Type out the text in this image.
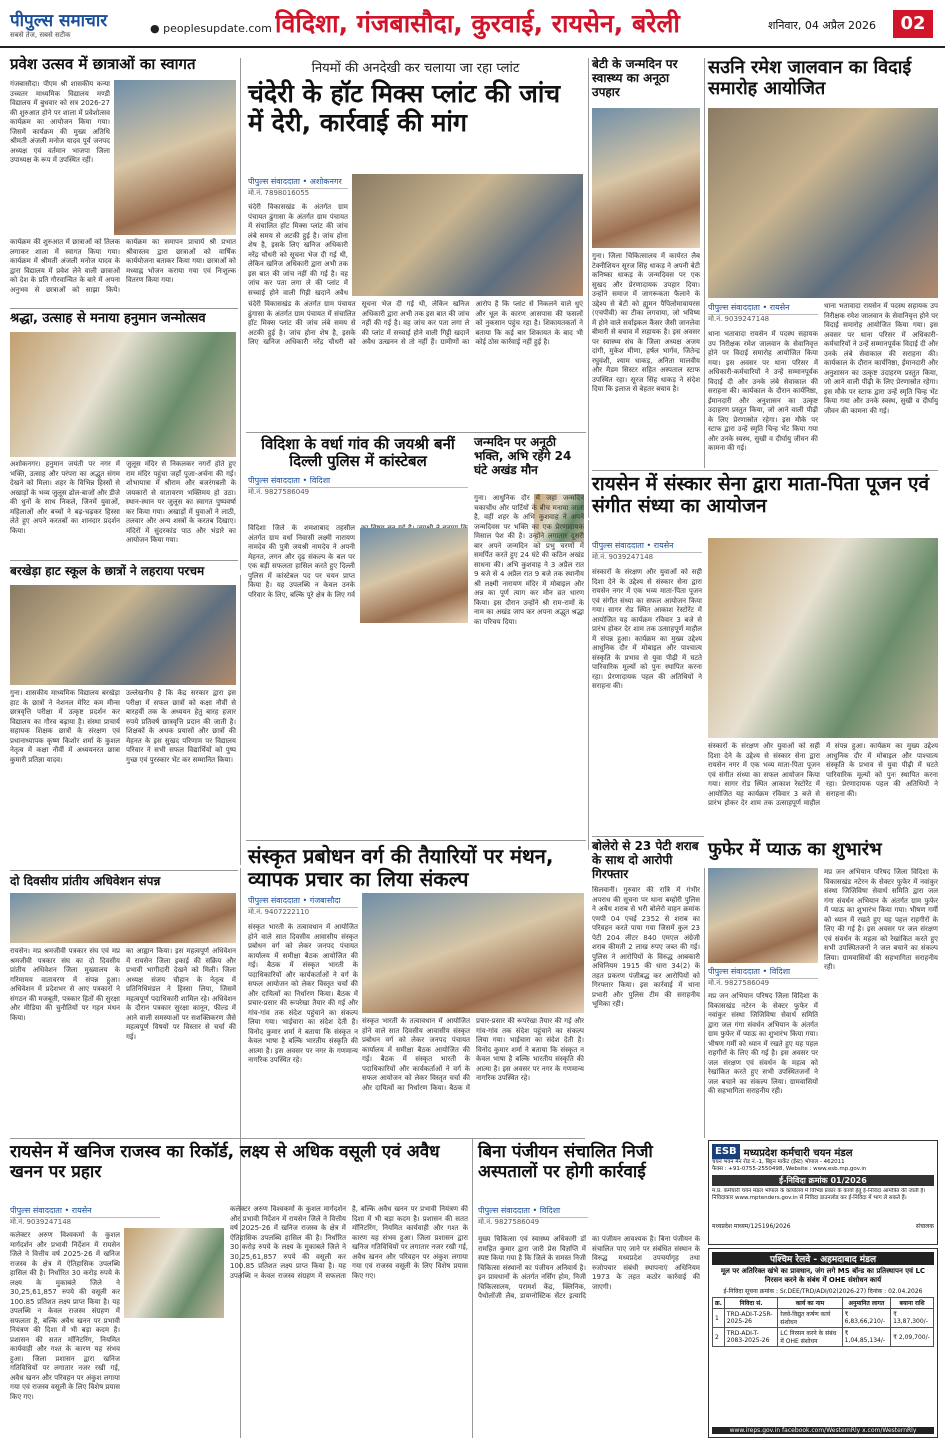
पीपुल्स समाचार
सबसे तेज, सबसे सटीक	● peoplesupdate.com विदिशा, गंजबासौदा, कुरवाई, रायसेन, बरेली	शनिवार, 04 अप्रैल 2026	02
प्रवेश उत्सव में छात्राओं का स्वागत
गंजबासौदा। पीएम श्री शासकीय कन्या उच्चतर माध्यमिक विद्यालय मण्डी विद्यालय में बुधवार को सत्र 2026-27 की शुरुआत होने पर शाला में प्रवेशोत्सव कार्यक्रम का आयोजन किया गया। जिसमें कार्यक्रम की मुख्य अतिथि श्रीमती अंजली मनोज यादव पूर्व जनपद अध्यक्ष एवं वर्तमान भाजपा जिला उपाध्यक्ष के रूप में उपस्थित रहीं।
कार्यक्रम की शुरुआत में छात्राओं को तिलक लगाकर शाला में स्वागत किया गया। कार्यक्रम में श्रीमती अंजली मनोज यादव के द्वारा विद्यालय में प्रवेश लेने वाली छात्राओं को देश के प्रति गौरवान्वित के बारे में अपना अनुभव से छात्राओं को साझा किये। कार्यक्रम का समापन प्राचार्य श्री प्रभात श्रीवास्तव द्वारा छात्राओं को वार्षिक कार्ययोजना बताकर किया गया। छात्राओं को मध्याह्न भोजन कराया गया एवं निःशुल्क वितरण किया गया।
श्रद्धा, उत्साह से मनाया हनुमान जन्मोत्सव
अशोकनगर। हनुमान जयंती पर नगर में भक्ति, उत्साह और परंपरा का अद्भुत संगम देखने को मिला। शहर के विभिन्न हिस्सों से अखाड़ों के भव्य जुलूस ढोल-बाजों और डीजे की धुनों के साथ निकले, जिनमें युवाओं, महिलाओं और बच्चों ने बढ़-चढ़कर हिस्सा लेते हुए अपने करतबों का शानदार प्रदर्शन किया।
जुलूस मंदिर से निकलकर नगरों होते हुए राम मंदिर पहुंचा जहाँ पूजा-अर्चना की गई। शोभायात्रा में श्रीराम और बजरंगबली के जयकारों से वातावरण भक्तिमय हो उठा। स्थान-स्थान पर जुलूस का स्वागत पुष्पवर्षा कर किया गया। अखाड़ों में युवाओं ने लाठी, तलवार और अन्य शस्त्रों के करतब दिखाए। मंदिरों में सुंदरकांड पाठ और भंडारे का आयोजन किया गया।
बरखेड़ा हाट स्कूल के छात्रों ने लहराया परचम
गुना। शासकीय माध्यमिक विद्यालय बरखेड़ा हाट के छात्रों ने नेशनल मेरिट कम मीन्स छात्रवृत्ति परीक्षा में उत्कृष्ट प्रदर्शन कर विद्यालय का गौरव बढ़ाया है। संस्था प्राचार्य सहायक शिक्षक छात्रों के संरक्षण एवं प्रधानाध्यापक कृष्ण किशोर शर्मा के कुशल नेतृत्व में कक्षा नौवीं में अध्ययनरत छात्रा कुमारी प्रतिज्ञा यादव।
उल्लेखनीय है कि केंद्र सरकार द्वारा इस परीक्षा में सफल छात्रों को कक्षा नौवीं से बारहवीं तक के अध्ययन हेतु बारह हजार रुपये प्रतिवर्ष छात्रवृत्ति प्रदान की जाती है। शिक्षकों के अथक प्रयासों और छात्रों की मेहनत के इस सुखद परिणाम पर विद्यालय परिवार ने सभी सफल विद्यार्थियों को पुष्प गुच्छ एवं पुरस्कार भेंट कर सम्मानित किया।
दो दिवसीय प्रांतीय अधिवेशन संपन्न
रायसेन। मप्र श्रमजीवी पत्रकार संघ एवं मप्र श्रमजीवी पत्रकार संघ का दो दिवसीय प्रांतीय अधिवेशन जिला मुख्यालय के गरिमामय वातावरण में संपन्न हुआ। अधिवेशन में प्रदेशभर से आए पत्रकारों ने संगठन की मजबूती, पत्रकार हितों की सुरक्षा और मीडिया की चुनौतियों पर गहन मंथन किया।
का आह्वान किया। इस महत्वपूर्ण अधिवेशन में रायसेन जिला इकाई की सक्रिय और प्रभावी भागीदारी देखने को मिली। जिला अध्यक्ष संजय चौहान के नेतृत्व में प्रतिनिधिमंडल ने हिस्सा लिया, जिसमें महत्वपूर्ण पदाधिकारी शामिल रहे। अधिवेशन के दौरान पत्रकार सुरक्षा कानून, फील्ड में आने वाली समस्याओं पर सशक्तिकरण जैसे महत्वपूर्ण विषयों पर विस्तार से चर्चा की गई।
नियमों की अनदेखी कर चलाया जा रहा प्लांट
चंदेरी के हॉट मिक्स प्लांट की जांच में देरी, कार्रवाई की मांग
पीपुल्स संवाददाता • अशोकनगर
मो.नं. 7898016055
चंदेरी विकासखंड के अंतर्गत ग्राम पंचायत ढुंगासा के अंतर्गत ग्राम पंचायत में संचालित हॉट मिक्स प्लांट की जांच लंबे समय से अटकी हुई है। जांच होना शेष है, इसके लिए खनिज अधिकारी नरेंद्र चौधरी को सूचना भेज दी गई थी, लेकिन खनिज अधिकारी द्वारा अभी तक इस बात की जांच नहीं की गई है। वह जांच कर पता लगा ले की प्लांट में सच्चाई होने वाली गिट्टी खदानें अवैध
चंदेरी विकासखंड के अंतर्गत ग्राम पंचायत ढुंगासा के अंतर्गत ग्राम पंचायत में संचालित हॉट मिक्स प्लांट की जांच लंबे समय से अटकी हुई है। जांच होना शेष है, इसके लिए खनिज अधिकारी नरेंद्र चौधरी को सूचना भेज दी गई थी, लेकिन खनिज अधिकारी द्वारा अभी तक इस बात की जांच नहीं की गई है। वह जांच कर पता लगा ले की प्लांट में सच्चाई होने वाली गिट्टी खदानें अवैध उत्खनन से तो नहीं हैं। ग्रामीणों का आरोप है कि प्लांट से निकलने वाले धुएं और धूल के कारण आसपास की फसलों को नुकसान पहुंच रहा है। शिकायतकर्ता ने बताया कि कई बार शिकायत के बाद भी कोई ठोस कार्रवाई नहीं हुई है।
विदिशा के वर्धा गांव की जयश्री बनीं दिल्ली पुलिस में कांस्टेबल
पीपुल्स संवाददाता • विदिशा
मो.नं. 9827586049
विदिशा जिले के शमशाबाद तहसील अंतर्गत ग्राम वर्धा निवासी लक्ष्मी नारायण नामदेव की पुत्री जयश्री नामदेव ने अपनी मेहनत, लगन और दृढ़ संकल्प के बल पर एक बड़ी सफलता हासिल करते हुए दिल्ली पुलिस में कांस्टेबल पद पर चयन प्राप्त किया है। यह उपलब्धि न केवल उनके परिवार के लिए, बल्कि पूरे क्षेत्र के लिए गर्व
जन्मदिन पर अनूठी भक्ति, अभि रहेंगे 24 घंटे अखंड मौन
गुना। आधुनिक दौर में जहां जन्मदिन चकाचौंध और पार्टियों के बीच मनाया जाता है, वहीं शहर के अभि कुशवाह ने अपने जन्मदिवस पर भक्ति का एक प्रेरणादायक मिसाल पेश की है। उन्होंने लगातार दूसरी बार अपने जन्मदिन को प्रभु चरणों में समर्पित करते हुए 24 घंटे की कठिन अखंड साधना की। अभि कुशवाह ने 3 अप्रैल रात 9 बजे से 4 अप्रैल रात 9 बजे तक स्थानीय श्री लक्ष्मी नारायण मंदिर में मोबाइल और अन्न का पूर्ण त्याग कर मौन व्रत धारण किया। इस दौरान उन्होंने श्री राम-रामों के नाम का अखंड जाप कर अपना अद्भुत श्रद्धा का परिचय दिया।
संस्कृत प्रबोधन वर्ग की तैयारियों पर मंथन, व्यापक प्रचार का लिया संकल्प
पीपुल्स संवाददाता • गंजबासौदा
मो.नं. 9407222110
संस्कृत भारती के तत्वावधान में आयोजित होने वाले सात दिवसीय आवासीय संस्कृत प्रबोधन वर्ग को लेकर जनपद पंचायत कार्यालय में समीक्षा बैठक आयोजित की गई। बैठक में संस्कृत भारती के पदाधिकारियों और कार्यकर्ताओं ने वर्ग के सफल आयोजन को लेकर विस्तृत चर्चा की और दायित्वों का निर्धारण किया। बैठक में प्रचार-प्रसार की रूपरेखा तैयार की गई और गांव-गांव तक संदेश पहुंचाने का संकल्प लिया गया। भाईचारा का संदेश देती है। विनोद कुमार शर्मा ने बताया कि संस्कृत न केवल भाषा है बल्कि भारतीय संस्कृति की आत्मा है। इस अवसर पर नगर के गणमान्य नागरिक उपस्थित रहे।
संस्कृत भारती के तत्वावधान में आयोजित होने वाले सात दिवसीय आवासीय संस्कृत प्रबोधन वर्ग को लेकर जनपद पंचायत कार्यालय में समीक्षा बैठक आयोजित की गई। बैठक में संस्कृत भारती के पदाधिकारियों और कार्यकर्ताओं ने वर्ग के सफल आयोजन को लेकर विस्तृत चर्चा की और दायित्वों का निर्धारण किया। बैठक में प्रचार-प्रसार की रूपरेखा तैयार की गई और गांव-गांव तक संदेश पहुंचाने का संकल्प लिया गया। भाईचारा का संदेश देती है। विनोद कुमार शर्मा ने बताया कि संस्कृत न केवल भाषा है बल्कि भारतीय संस्कृति की आत्मा है। इस अवसर पर नगर के गणमान्य नागरिक उपस्थित रहे।
रायसेन में खनिज राजस्व का रिकॉर्ड, लक्ष्य से अधिक वसूली एवं अवैध खनन पर प्रहार
पीपुल्स संवाददाता • रायसेन
मो.नं. 9039247148
कलेक्टर अरुण विश्वकर्मा के कुशल मार्गदर्शन और प्रभावी निर्देशन में रायसेन जिले ने वित्तीय वर्ष 2025-26 में खनिज राजस्व के क्षेत्र में ऐतिहासिक उपलब्धि हासिल की है। निर्धारित 30 करोड़ रुपये के लक्ष्य के मुकाबले जिले ने 30,25,61,857 रुपये की वसूली कर 100.85 प्रतिशत लक्ष्य प्राप्त किया है। यह उपलब्धि न केवल राजस्व संग्रहण में सफलता है, बल्कि अवैध खनन पर प्रभावी नियंत्रण की दिशा में भी बड़ा कदम है। प्रशासन की सतत मॉनिटरिंग, नियमित कार्यवाही और गश्त के कारण यह संभव हुआ। जिला प्रशासन द्वारा खनिज गतिविधियों पर लगातार नजर रखी गई, अवैध खनन और परिवहन पर अंकुश लगाया गया एवं राजस्व वसूली के लिए विशेष प्रयास किए गए।
कलेक्टर अरुण विश्वकर्मा के कुशल मार्गदर्शन और प्रभावी निर्देशन में रायसेन जिले ने वित्तीय वर्ष 2025-26 में खनिज राजस्व के क्षेत्र में ऐतिहासिक उपलब्धि हासिल की है। निर्धारित 30 करोड़ रुपये के लक्ष्य के मुकाबले जिले ने 30,25,61,857 रुपये की वसूली कर 100.85 प्रतिशत लक्ष्य प्राप्त किया है। यह उपलब्धि न केवल राजस्व संग्रहण में सफलता है, बल्कि अवैध खनन पर प्रभावी नियंत्रण की दिशा में भी बड़ा कदम है। प्रशासन की सतत मॉनिटरिंग, नियमित कार्यवाही और गश्त के कारण यह संभव हुआ। जिला प्रशासन द्वारा खनिज गतिविधियों पर लगातार नजर रखी गई, अवैध खनन और परिवहन पर अंकुश लगाया गया एवं राजस्व वसूली के लिए विशेष प्रयास किए गए।
बिना पंजीयन संचालित निजी अस्पतालों पर होगी कार्रवाई
पीपुल्स संवाददाता • विदिशा
मो.नं. 9827586049
मुख्य चिकित्सा एवं स्वास्थ्य अधिकारी डॉ रामहित कुमार द्वारा जारी प्रेस विज्ञप्ति में स्पष्ट किया गया है कि जिले के समस्त निजी चिकित्सा संस्थानों का पंजीयन अनिवार्य है। इन प्रावधानों के अंतर्गत नर्सिंग होम, निजी चिकित्सालय, परामर्श केंद्र, क्लिनिक, पैथोलॉजी लैब, डायग्नोस्टिक सेंटर इत्यादि का पंजीयन आवश्यक है। बिना पंजीयन के संचालित पाए जाने पर संबंधित संस्थान के विरुद्ध मध्यप्रदेश उपचर्यागृह तथा रुजोपचार संबंधी स्थापनाएं अधिनियम 1973 के तहत कठोर कार्रवाई की जाएगी।
बेटी के जन्मदिन पर स्वास्थ्य का अनूठा उपहार
गुना। जिला चिकित्सालय में कार्यरत लैब टेक्नीशियन सूरज सिंह धाकड़ ने अपनी बेटी कनिष्का धाकड़ के जन्मदिवस पर एक सुखद और प्रेरणादायक उपहार दिया। उन्होंने समाज में जागरूकता फैलाने के उद्देश्य से बेटी को ह्यूमन पैपिलोमावायरस (एचपीवी) का टीका लगवाया, जो भविष्य में होने वाले सर्वाइकल कैंसर जैसी जानलेवा बीमारी से बचाव में सहायक है। इस अवसर पर स्वास्थ्य संघ के जिला अध्यक्ष अजय दांगी, मुकेश मीणा, हर्षल भार्गव, जितेन्द्र रघुवंशी, श्याम धाकड़, अनिता मालवीय और मैडम सिस्टर सहित अस्पताल स्टाफ उपस्थित रहा। सूरज सिंह धाकड़ ने संदेश दिया कि इलाज से बेहतर बचाव है।
सउनि रमेश जालवान का विदाई समारोह आयोजित
पीपुल्स संवाददाता • रायसेन
मो.नं. 9039247148
थाना भतावादा रायसेन में पदस्थ सहायक उप निरीक्षक रमेश जालवान के सेवानिवृत्त होने पर विदाई समारोह आयोजित किया गया। इस अवसर पर थाना परिसर में अधिकारी-कर्मचारियों ने उन्हें सम्मानपूर्वक विदाई दी और उनके लंबे सेवाकाल की सराहना की। कार्यकाल के दौरान कार्यनिष्ठा, ईमानदारी और अनुशासन का उत्कृष्ट उदाहरण प्रस्तुत किया, जो आने वाली पीढ़ी के लिए प्रेरणास्रोत रहेगा। इस मौके पर स्टाफ द्वारा उन्हें स्मृति चिन्ह भेंट किया गया और उनके स्वस्थ, सुखी व दीर्घायु जीवन की कामना की गई।
थाना भतावादा रायसेन में पदस्थ सहायक उप निरीक्षक रमेश जालवान के सेवानिवृत्त होने पर विदाई समारोह आयोजित किया गया। इस अवसर पर थाना परिसर में अधिकारी-कर्मचारियों ने उन्हें सम्मानपूर्वक विदाई दी और उनके लंबे सेवाकाल की सराहना की। कार्यकाल के दौरान कार्यनिष्ठा, ईमानदारी और अनुशासन का उत्कृष्ट उदाहरण प्रस्तुत किया, जो आने वाली पीढ़ी के लिए प्रेरणास्रोत रहेगा। इस मौके पर स्टाफ द्वारा उन्हें स्मृति चिन्ह भेंट किया गया और उनके स्वस्थ, सुखी व दीर्घायु जीवन की कामना की गई।
रायसेन में संस्कार सेना द्वारा माता-पिता पूजन एवं संगीत संध्या का आयोजन
पीपुल्स संवाददाता • रायसेन
मो.नं. 9039247148
संस्कारों के संरक्षण और युवाओं को सही दिशा देने के उद्देश्य से संस्कार सेना द्वारा रायसेन नगर में एक भव्य माता-पिता पूजन एवं संगीत संध्या का सफल आयोजन किया गया। सागर रोड स्थित आकाश रेस्टोरेंट में आयोजित यह कार्यक्रम रविवार 3 बजे से प्रारंभ होकर देर शाम तक उत्साहपूर्ण माहौल में संपन्न हुआ। कार्यक्रम का मुख्य उद्देश्य आधुनिक दौर में मोबाइल और पाश्चात्य संस्कृति के प्रभाव से युवा पीढ़ी में घटते पारिवारिक मूल्यों को पुनः स्थापित करना रहा। प्रेरणादायक पहल की अतिथियों ने सराहना की।
संस्कारों के संरक्षण और युवाओं को सही दिशा देने के उद्देश्य से संस्कार सेना द्वारा रायसेन नगर में एक भव्य माता-पिता पूजन एवं संगीत संध्या का सफल आयोजन किया गया। सागर रोड स्थित आकाश रेस्टोरेंट में आयोजित यह कार्यक्रम रविवार 3 बजे से प्रारंभ होकर देर शाम तक उत्साहपूर्ण माहौल में संपन्न हुआ। कार्यक्रम का मुख्य उद्देश्य आधुनिक दौर में मोबाइल और पाश्चात्य संस्कृति के प्रभाव से युवा पीढ़ी में घटते पारिवारिक मूल्यों को पुनः स्थापित करना रहा। प्रेरणादायक पहल की अतिथियों ने सराहना की।
बोलेरो से 23 पेटी शराब के साथ दो आरोपी गिरफ्तार
सिलवानी। गुरुवार की रात्रि में गंभीर अपराध की सूचना पर थाना बम्होरी पुलिस ने अवैध शराब से भरी बोलेरो वाहन क्रमांक एमपी 04 एचई 2352 से शराब का परिवहन करते पाया गया जिसमें कुल 23 पेटी 204 लीटर 840 एमएल अंग्रेजी शराब कीमती 2 लाख रुपए जब्त की गई। पुलिस ने आरोपियों के विरुद्ध आबकारी अधिनियम 1915 की धारा 34(2) के तहत प्रकरण पंजीबद्ध कर आरोपियों को गिरफ्तार किया। इस कार्रवाई में थाना प्रभारी और पुलिस टीम की सराहनीय भूमिका रही।
फुफेर में प्याऊ का शुभारंभ
पीपुल्स संवाददाता • विदिशा
मो.नं. 9827586049
मप्र जन अभियान परिषद जिला विदिशा के विकासखंड नटेरन के सेक्टर फुफेर में नवांकुर संस्था जिजिविषा सेवार्थ समिति द्वारा जल गंगा संवर्धन अभियान के अंतर्गत ग्राम फुफेर में प्याऊ का शुभारंभ किया गया। भीषण गर्मी को ध्यान में रखते हुए यह पहल राहगीरों के लिए की गई है। इस अवसर पर जल संरक्षण एवं संवर्धन के महत्व को रेखांकित करते हुए सभी उपस्थितजनों ने जल बचाने का संकल्प लिया। ग्रामवासियों की सहभागिता सराहनीय रही।
मप्र जन अभियान परिषद जिला विदिशा के विकासखंड नटेरन के सेक्टर फुफेर में नवांकुर संस्था जिजिविषा सेवार्थ समिति द्वारा जल गंगा संवर्धन अभियान के अंतर्गत ग्राम फुफेर में प्याऊ का शुभारंभ किया गया। भीषण गर्मी को ध्यान में रखते हुए यह पहल राहगीरों के लिए की गई है। इस अवसर पर जल संरक्षण एवं संवर्धन के महत्व को रेखांकित करते हुए सभी उपस्थितजनों ने जल बचाने का संकल्प लिया। ग्रामवासियों की सहभागिता सराहनीय रही।
ESB मध्यप्रदेश कर्मचारी चयन मंडल
चयन भवन मेन रोड नं.-1, बिट्टन मार्केट (ईस्ट) भोपाल - 462011
फैक्स : +91-0755-2550498, Website : www.esb.mp.gov.in
ई-निविदा क्रमांक 01/2026
म.प्र. कर्मचारी चयन मंडल भोपाल के कार्यालय में विभिन्न प्रकार के कार्यों हेतु ई-निविदा आमंत्रित की जाती है। निविदाकार www.mptenders.gov.in से निविदा डाउनलोड कर ई-निविदा में भाग ले सकते हैं।
मध्यप्रदेश माध्यम/125196/2026	संचालक
पश्चिम रेलवे - अहमदाबाद मंडल
मूल पर अतिरिक्त खंभे का प्रावधान, जंग लगे MS बॉन्ड का प्रतिस्थापन एवं LC निरसन करने के संबंध में OHE संशोधन कार्य
ई-निविदा सूचना क्रमांक : Sr.DEE/TRD/ADI/02(2026-27) दिनांक : 02.04.2026
क्र.	निविदा सं.	कार्य का नाम	अनुमानित लागत	बयाना राशि
1	TRD-ADI-T-25R-2025-26	रेलवे-विद्युत कर्षण कार्य संशोधन	₹ 6,83,66,210/-	₹ 13,87,300/-
2	TRD-ADI-T-2083-2025-26	LC निरसन करने के संबंध में OHE संशोधन	₹ 1,04,85,134/-	₹ 2,09,700/-
www.ireps.gov.in facebook.com/WesternRly x.com/WesternRly
